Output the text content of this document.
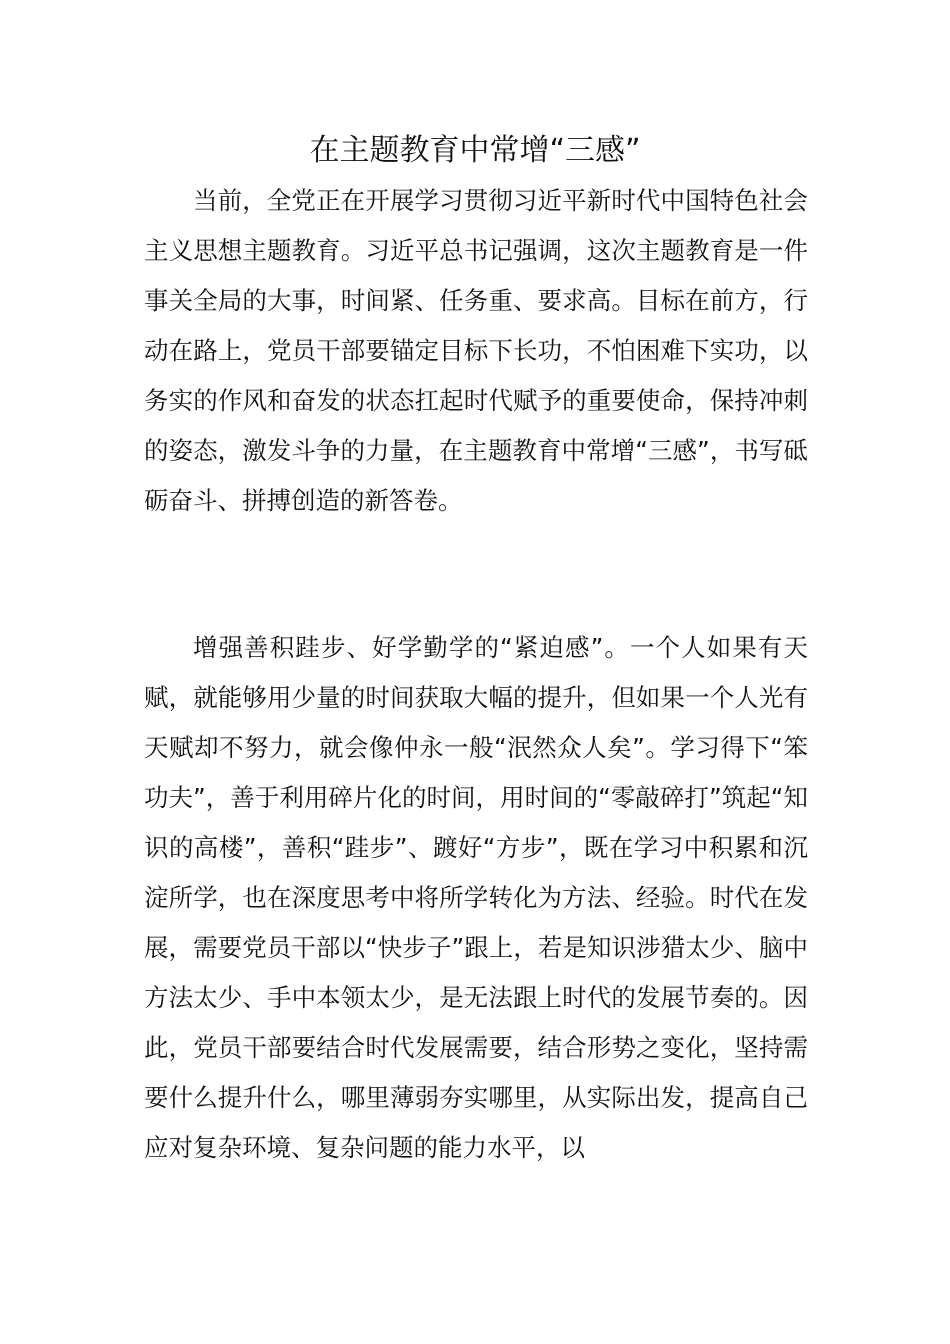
在主题教育中常增“三感”

当前，全党正在开展学习贯彻习近平新时代中国特色社会主义思想主题教育。习近平总书记强调，这次主题教育是一件事关全局的大事，时间紧、任务重、要求高。目标在前方，行动在路上，党员干部要锚定目标下长功，不怕困难下实功，以务实的作风和奋发的状态扛起时代赋予的重要使命，保持冲刺的姿态，激发斗争的力量，在主题教育中常增“三感”，书写砥砺奋斗、拼搏创造的新答卷。

增强善积跬步、好学勤学的“紧迫感”。一个人如果有天赋，就能够用少量的时间获取大幅的提升，但如果一个人光有天赋却不努力，就会像仲永一般“泯然众人矣”。学习得下“笨功夫”，善于利用碎片化的时间，用时间的“零敲碎打”筑起“知识的高楼”，善积“跬步”、踱好“方步”，既在学习中积累和沉淀所学，也在深度思考中将所学转化为方法、经验。时代在发展，需要党员干部以“快步子”跟上，若是知识涉猎太少、脑中方法太少、手中本领太少，是无法跟上时代的发展节奏的。因此，党员干部要结合时代发展需要，结合形势之变化，坚持需要什么提升什么，哪里薄弱夯实哪里，从实际出发，提高自己应对复杂环境、复杂问题的能力水平，以
